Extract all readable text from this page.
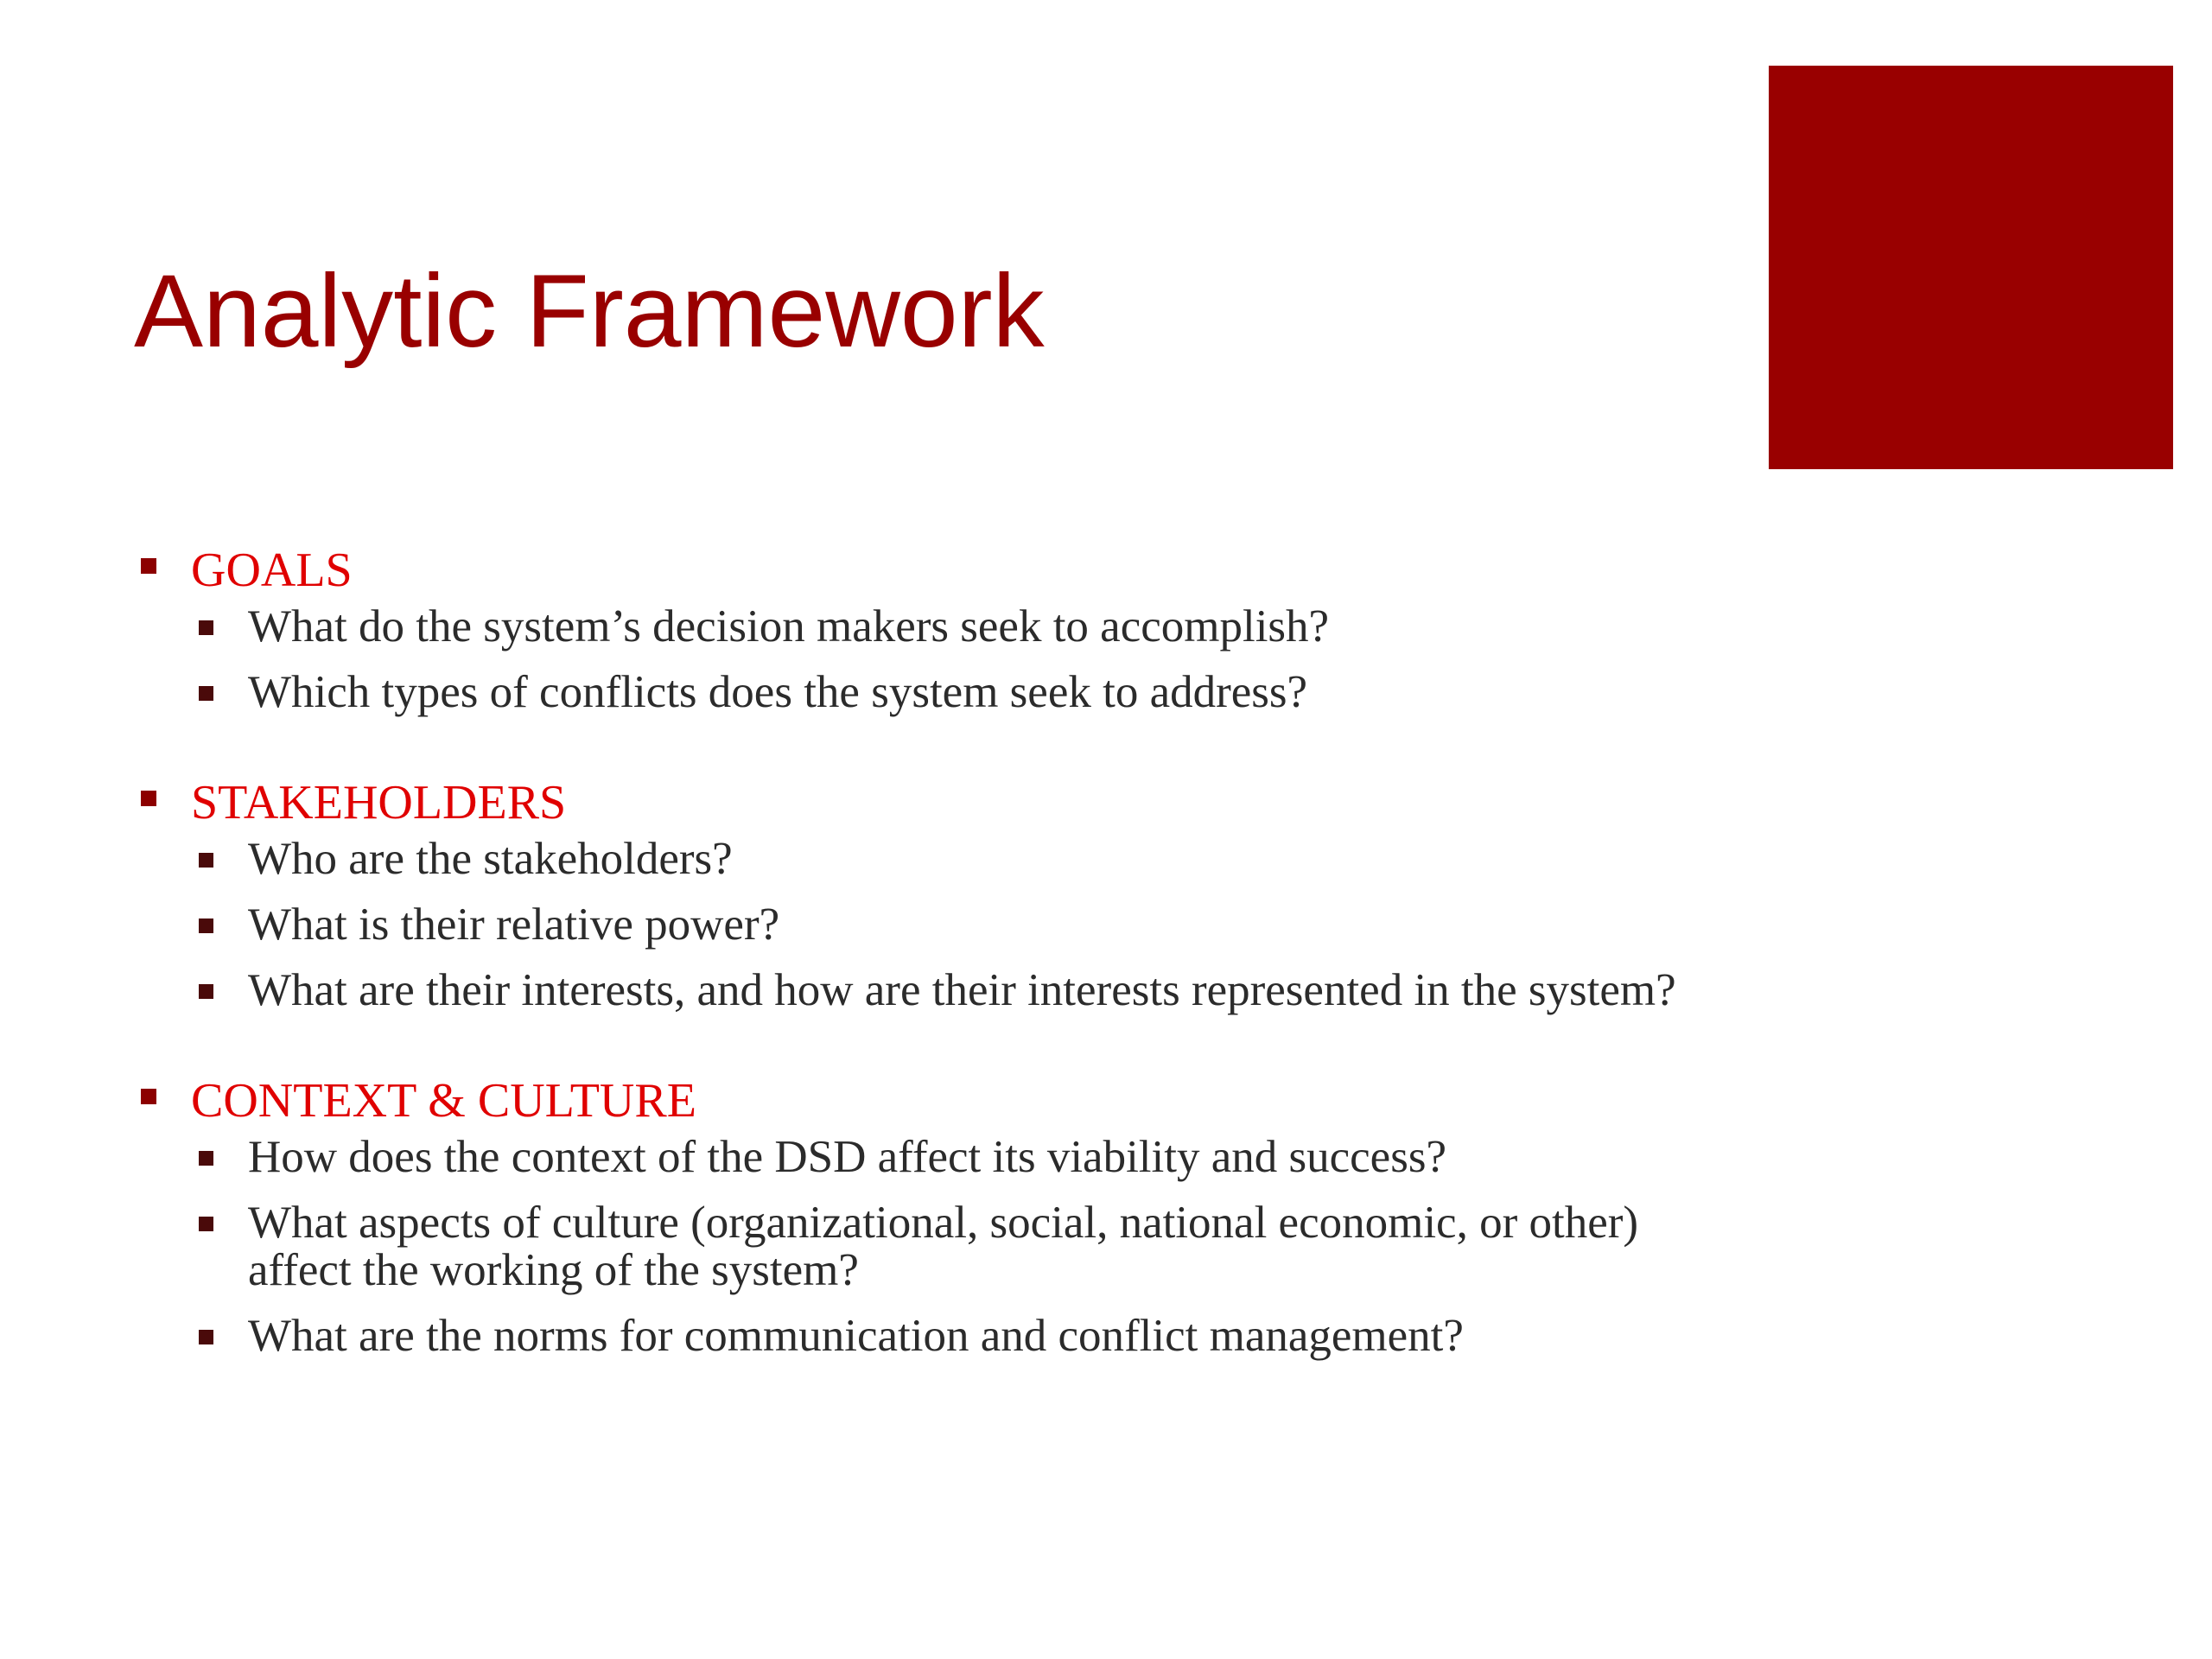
Analytic Framework
GOALS
What do the system’s decision makers seek to accomplish?
Which types of conflicts does the system seek to address?
STAKEHOLDERS
Who are the stakeholders?
What is their relative power?
What are their interests, and how are their interests represented in the system?
CONTEXT & CULTURE
How does the context of the DSD affect its viability and success?
What aspects of culture (organizational, social, national economic, or other) affect the working of the system?
What are the norms for communication and conflict management?
